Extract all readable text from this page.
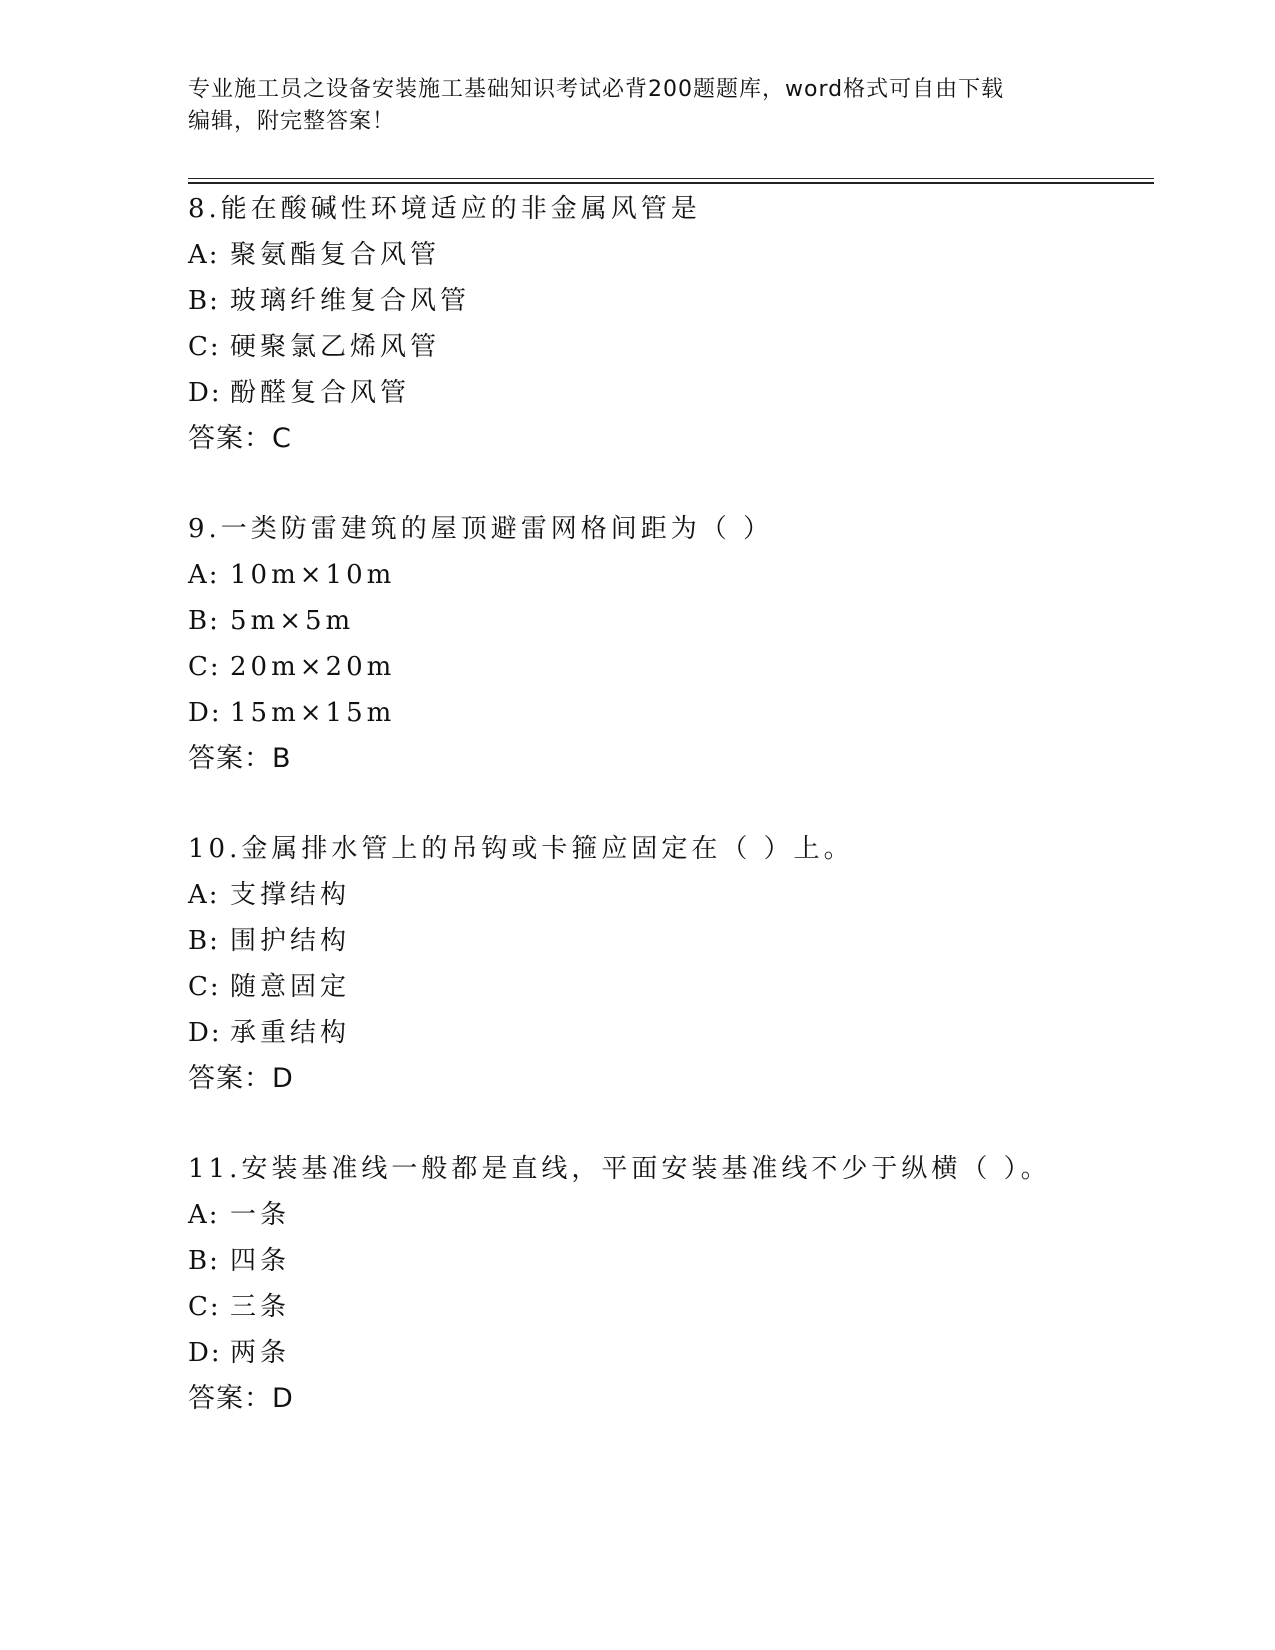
专业施工员之设备安装施工基础知识考试必背200题题库，word格式可自由下载
编辑，附完整答案！
8.能在酸碱性环境适应的非金属风管是
A: 聚氨酯复合风管
B: 玻璃纤维复合风管
C: 硬聚氯乙烯风管
D: 酚醛复合风管
答案：C
9.一类防雷建筑的屋顶避雷网格间距为（ ）
A: 10m×10m
B: 5m×5m
C: 20m×20m
D: 15m×15m
答案：B
10.金属排水管上的吊钩或卡箍应固定在（ ）上。
A: 支撑结构
B: 围护结构
C: 随意固定
D: 承重结构
答案：D
11.安装基准线一般都是直线，平面安装基准线不少于纵横（ ）。
A: 一条
B: 四条
C: 三条
D: 两条
答案：D
